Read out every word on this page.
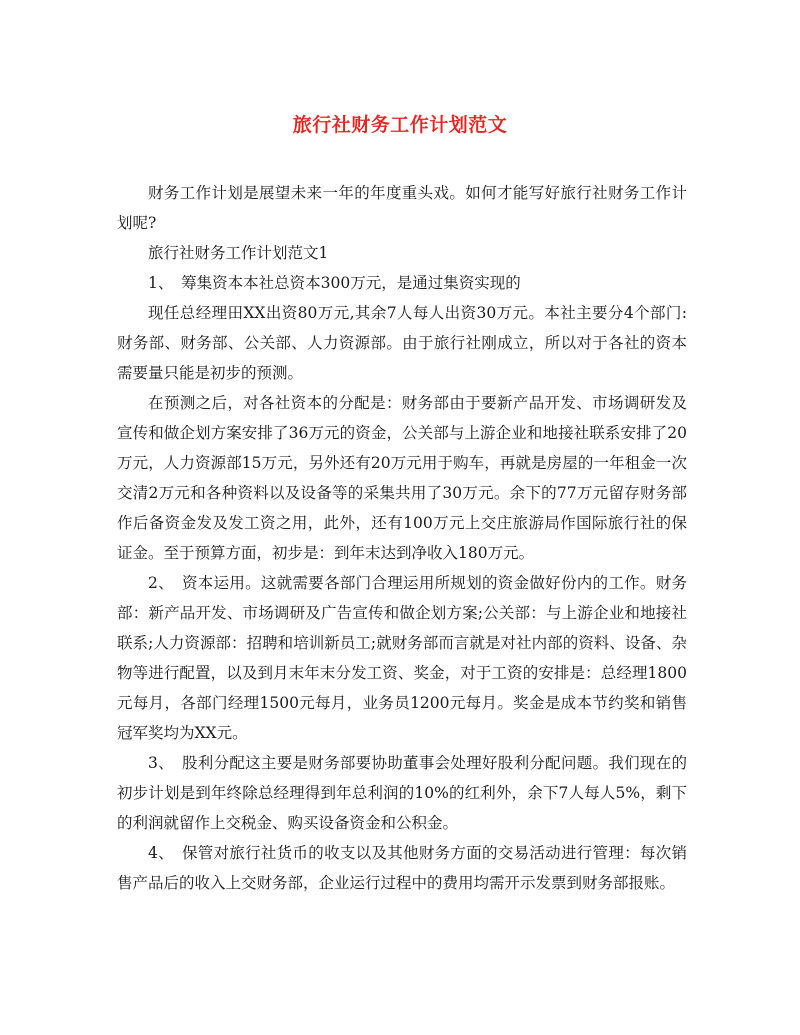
旅行社财务工作计划范文

财务工作计划是展望未来一年的年度重头戏。如何才能写好旅行社财务工作计划呢?

旅行社财务工作计划范文1

1、　筹集资本本社总资本300万元，是通过集资实现的

现任总经理田XX出资80万元,其余7人每人出资30万元。本社主要分4个部门:财务部、财务部、公关部、人力资源部。由于旅行社刚成立，所以对于各社的资本需要量只能是初步的预测。

在预测之后，对各社资本的分配是：财务部由于要新产品开发、市场调研发及宣传和做企划方案安排了36万元的资金，公关部与上游企业和地接社联系安排了20万元，人力资源部15万元，另外还有20万元用于购车，再就是房屋的一年租金一次交清2万元和各种资料以及设备等的采集共用了30万元。余下的77万元留存财务部作后备资金发及发工资之用，此外，还有100万元上交庄旅游局作国际旅行社的保证金。至于预算方面，初步是：到年末达到净收入180万元。

2、　资本运用。这就需要各部门合理运用所规划的资金做好份内的工作。财务部：新产品开发、市场调研及广告宣传和做企划方案;公关部：与上游企业和地接社联系;人力资源部：招聘和培训新员工;就财务部而言就是对社内部的资料、设备、杂物等进行配置，以及到月末年末分发工资、奖金，对于工资的安排是：总经理1800元每月，各部门经理1500元每月，业务员1200元每月。奖金是成本节约奖和销售冠军奖均为XX元。

3、　股利分配这主要是财务部要协助董事会处理好股利分配问题。我们现在的初步计划是到年终除总经理得到年总利润的10%的红利外，余下7人每人5%，剩下的利润就留作上交税金、购买设备资金和公积金。

4、　保管对旅行社货币的收支以及其他财务方面的交易活动进行管理：每次销售产品后的收入上交财务部，企业运行过程中的费用均需开示发票到财务部报账。
